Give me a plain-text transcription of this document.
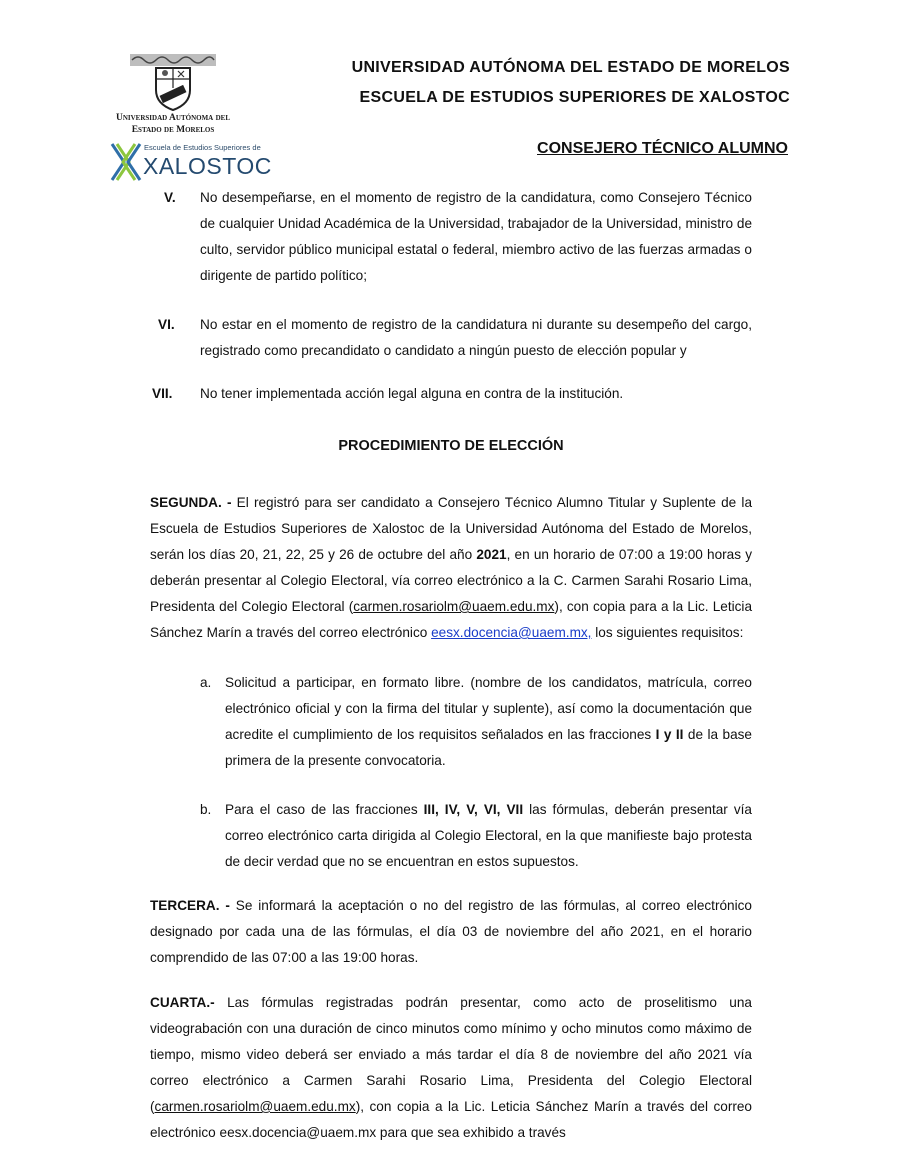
Universidad Autónoma del
Estado de Morelos
Escuela de Estudios Superiores de
XALOSTOC
UNIVERSIDAD AUTÓNOMA DEL ESTADO DE MORELOS
ESCUELA DE ESTUDIOS SUPERIORES DE XALOSTOC
CONSEJERO TÉCNICO ALUMNO
V. No desempeñarse, en el momento de registro de la candidatura, como Consejero Técnico de cualquier Unidad Académica de la Universidad, trabajador de la Universidad, ministro de culto, servidor público municipal estatal o federal, miembro activo de las fuerzas armadas o dirigente de partido político;
VI. No estar en el momento de registro de la candidatura ni durante su desempeño del cargo, registrado como precandidato o candidato a ningún puesto de elección popular y
VII. No tener implementada acción legal alguna en contra de la institución.
PROCEDIMIENTO DE ELECCIÓN
SEGUNDA. - El registró para ser candidato a Consejero Técnico Alumno Titular y Suplente de la Escuela de Estudios Superiores de Xalostoc de la Universidad Autónoma del Estado de Morelos, serán los días 20, 21, 22, 25 y 26 de octubre del año 2021, en un horario de 07:00 a 19:00 horas y deberán presentar al Colegio Electoral, vía correo electrónico a la C. Carmen Sarahi Rosario Lima, Presidenta del Colegio Electoral (carmen.rosariolm@uaem.edu.mx), con copia para a la Lic. Leticia Sánchez Marín a través del correo electrónico eesx.docencia@uaem.mx, los siguientes requisitos:
a. Solicitud a participar, en formato libre. (nombre de los candidatos, matrícula, correo electrónico oficial y con la firma del titular y suplente), así como la documentación que acredite el cumplimiento de los requisitos señalados en las fracciones I y II de la base primera de la presente convocatoria.
b. Para el caso de las fracciones III, IV, V, VI, VII las fórmulas, deberán presentar vía correo electrónico carta dirigida al Colegio Electoral, en la que manifieste bajo protesta de decir verdad que no se encuentran en estos supuestos.
TERCERA. - Se informará la aceptación o no del registro de las fórmulas, al correo electrónico designado por cada una de las fórmulas, el día 03 de noviembre del año 2021, en el horario comprendido de las 07:00 a las 19:00 horas.
CUARTA.- Las fórmulas registradas podrán presentar, como acto de proselitismo una videograbación con una duración de cinco minutos como mínimo y ocho minutos como máximo de tiempo, mismo video deberá ser enviado a más tardar el día 8 de noviembre del año 2021 vía correo electrónico a Carmen Sarahi Rosario Lima, Presidenta del Colegio Electoral (carmen.rosariolm@uaem.edu.mx), con copia a la Lic. Leticia Sánchez Marín a través del correo electrónico eesx.docencia@uaem.mx para que sea exhibido a través
